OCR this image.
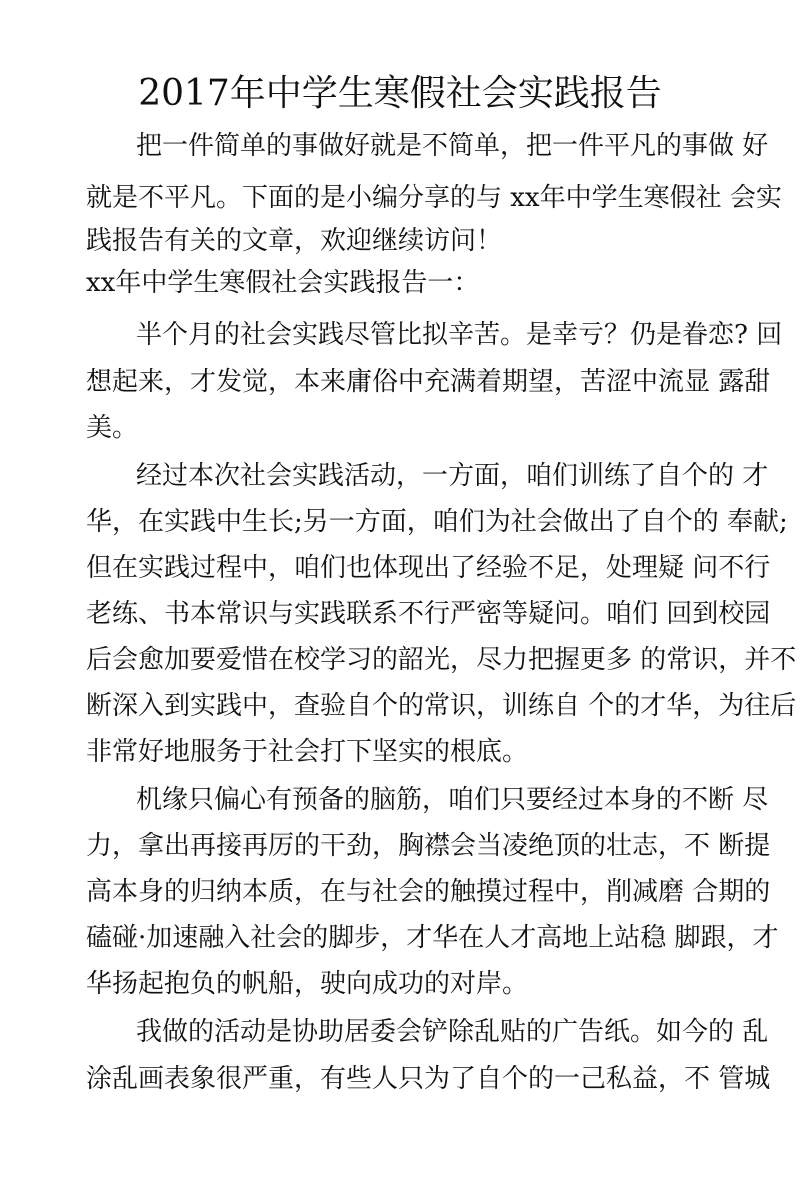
2017年中学生寒假社会实践报告
把一件简单的事做好就是不简单，把一件平凡的事做 好
就是不平凡。下面的是小编分享的与 xx年中学生寒假社 会实
践报告有关的文章，欢迎继续访问！
xx年中学生寒假社会实践报告一：
半个月的社会实践尽管比拟辛苦。是幸亏？仍是眷恋? 回
想起来，才发觉，本来庸俗中充满着期望，苦涩中流显 露甜
美。
经过本次社会实践活动，一方面，咱们训练了自个的 才
华，在实践中生长;另一方面，咱们为社会做出了自个的 奉献;
但在实践过程中，咱们也体现出了经验不足，处理疑 问不行
老练、书本常识与实践联系不行严密等疑问。咱们 回到校园
后会愈加要爱惜在校学习的韶光，尽力把握更多 的常识，并不
断深入到实践中，查验自个的常识，训练自 个的才华，为往后
非常好地服务于社会打下坚实的根底。
机缘只偏心有预备的脑筋，咱们只要经过本身的不断 尽
力，拿出再接再厉的干劲，胸襟会当凌绝顶的壮志，不 断提
高本身的归纳本质，在与社会的触摸过程中，削减磨 合期的
磕碰·加速融入社会的脚步，才华在人才高地上站稳 脚跟，才
华扬起抱负的帆船，驶向成功的对岸。
我做的活动是协助居委会铲除乱贴的广告纸。如今的 乱
涂乱画表象很严重，有些人只为了自个的一己私益，不 管城
